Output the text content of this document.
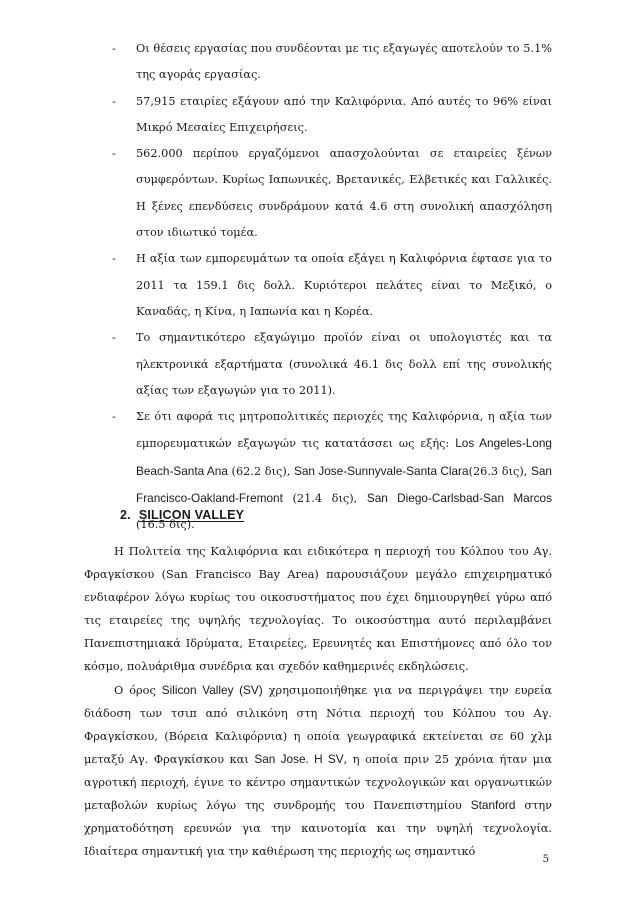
- Οι θέσεις εργασίας που συνδέονται με τις εξαγωγές αποτελούν το 5.1% της αγοράς εργασίας.
- 57,915 εταιρίες εξάγουν από την Καλιφόρνια. Από αυτές το 96% είναι Μικρό Μεσαίες Επιχειρήσεις.
- 562.000 περίπου εργαζόμενοι απασχολούνται σε εταιρείες ξένων συμφερόντων. Κυρίως Ιαπωνικές, Βρετανικές, Ελβετικές και Γαλλικές. Η ξένες επενδύσεις συνδράμουν κατά 4.6 στη συνολική απασχόληση στον ιδιωτικό τομέα.
- Η αξία των εμπορευμάτων τα οποία εξάγει η Καλιφόρνια έφτασε για το 2011 τα 159.1 δις δολλ. Κυριότεροι πελάτες είναι το Μεξικό, ο Καναδάς, η Κίνα, η Ιαπωνία και η Κορέα.
- Το σημαντικότερο εξαγώγιμο προϊόν είναι οι υπολογιστές και τα ηλεκτρονικά εξαρτήματα (συνολικά 46.1 δις δολλ επί της συνολικής αξίας των εξαγωγών για το 2011).
- Σε ότι αφορά τις μητροπολιτικές περιοχές της Καλιφόρνια, η αξία των εμπορευματικών εξαγωγών τις κατατάσσει ως εξής: Los Angeles-Long Beach-Santa Ana (62.2 δις), San Jose-Sunnyvale-Santa Clara(26.3 δις), San Francisco-Oakland-Fremont (21.4 δις), San Diego-Carlsbad-San Marcos (16.5 δις).
2. SILICON VALLEY

Η Πολιτεία της Καλιφόρνια και ειδικότερα η περιοχή του Κόλπου του Αγ. Φραγκίσκου (San Francisco Bay Area) παρουσιάζουν μεγάλο επιχειρηματικό ενδιαφέρον λόγω κυρίως του οικοσυστήματος που έχει δημιουργηθεί γύρω από τις εταιρείες της υψηλής τεχνολογίας. Το οικοσύστημα αυτό περιλαμβάνει Πανεπιστημιακά Ιδρύματα, Εταιρείες, Ερευνητές και Επιστήμονες από όλο τον κόσμο, πολυάριθμα συνέδρια και σχεδόν καθημερινές εκδηλώσεις.

Ο όρος Silicon Valley (SV) χρησιμοποιήθηκε για να περιγράψει την ευρεία διάδοση των τσιπ από σιλικόνη στη Νότια περιοχή του Κόλπου του Αγ. Φραγκίσκου, (Βόρεια Καλιφόρνια) η οποία γεωγραφικά εκτείνεται σε 60 χλμ μεταξύ Αγ. Φραγκίσκου και San Jose. H SV, η οποία πριν 25 χρόνια ήταν μια αγροτική περιοχή, έγινε το κέντρο σημαντικών τεχνολογικών και οργανωτικών μεταβολών κυρίως λόγω της συνδρομής του Πανεπιστημίου Stanford στην χρηματοδότηση ερευνών για την καινοτομία και την υψηλή τεχνολογία. Ιδιαίτερα σημαντική για την καθιέρωση της περιοχής ως σημαντικό

5
